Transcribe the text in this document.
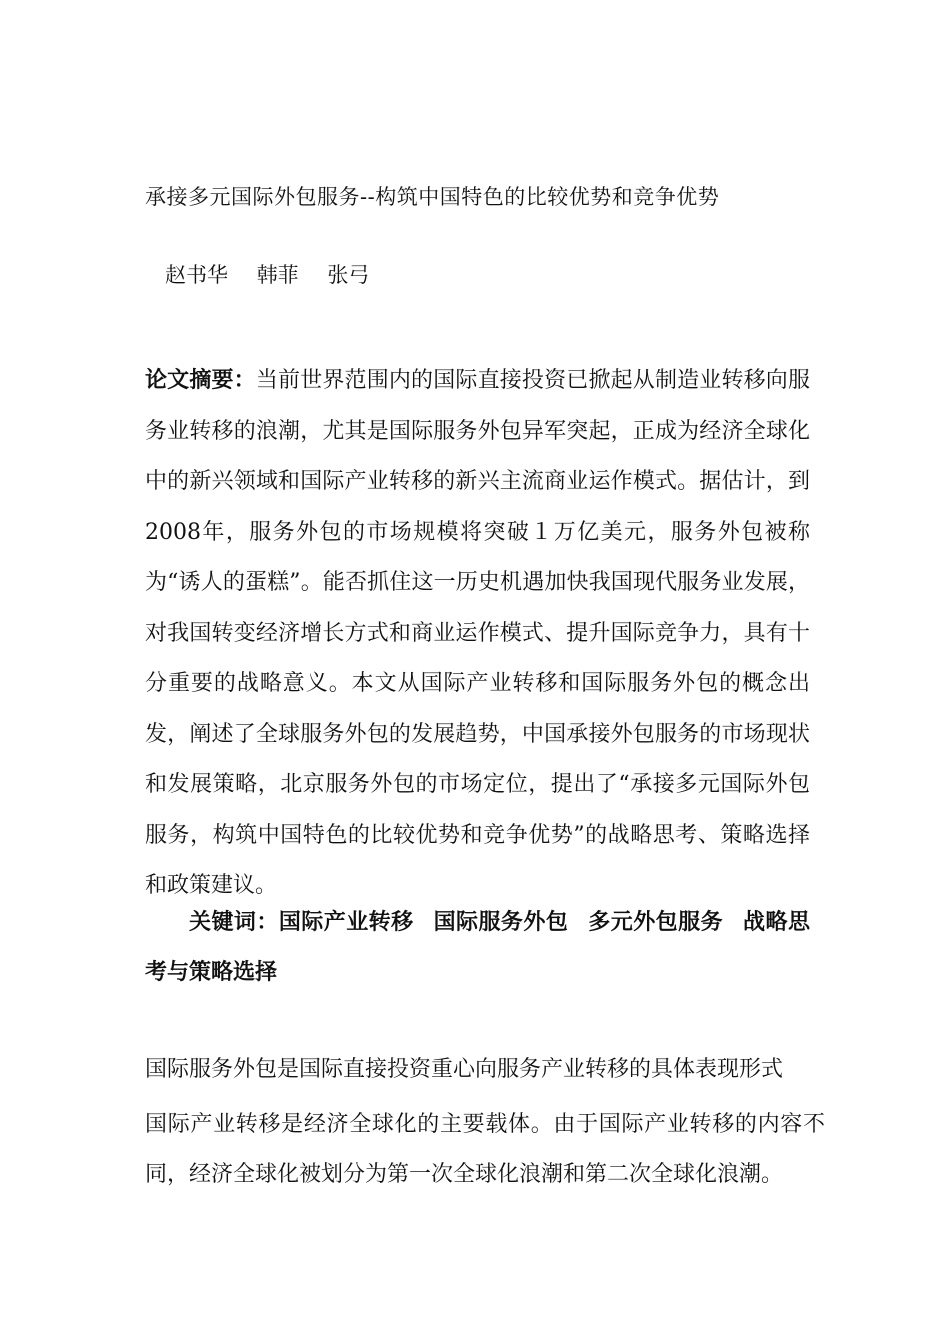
承接多元国际外包服务--构筑中国特色的比较优势和竞争优势
赵书华 韩菲 张弓
论文摘要：当前世界范围内的国际直接投资已掀起从制造业转移向服务业转移的浪潮，尤其是国际服务外包异军突起，正成为经济全球化中的新兴领域和国际产业转移的新兴主流商业运作模式。据估计，到2008年，服务外包的市场规模将突破１万亿美元，服务外包被称为“诱人的蛋糕”。能否抓住这一历史机遇加快我国现代服务业发展，对我国转变经济增长方式和商业运作模式、提升国际竞争力，具有十分重要的战略意义。本文从国际产业转移和国际服务外包的概念出发，阐述了全球服务外包的发展趋势，中国承接外包服务的市场现状和发展策略，北京服务外包的市场定位，提出了“承接多元国际外包服务，构筑中国特色的比较优势和竞争优势”的战略思考、策略选择和政策建议。
关键词：国际产业转移 国际服务外包 多元外包服务 战略思考与策略选择
国际服务外包是国际直接投资重心向服务产业转移的具体表现形式
国际产业转移是经济全球化的主要载体。由于国际产业转移的内容不同，经济全球化被划分为第一次全球化浪潮和第二次全球化浪潮。
